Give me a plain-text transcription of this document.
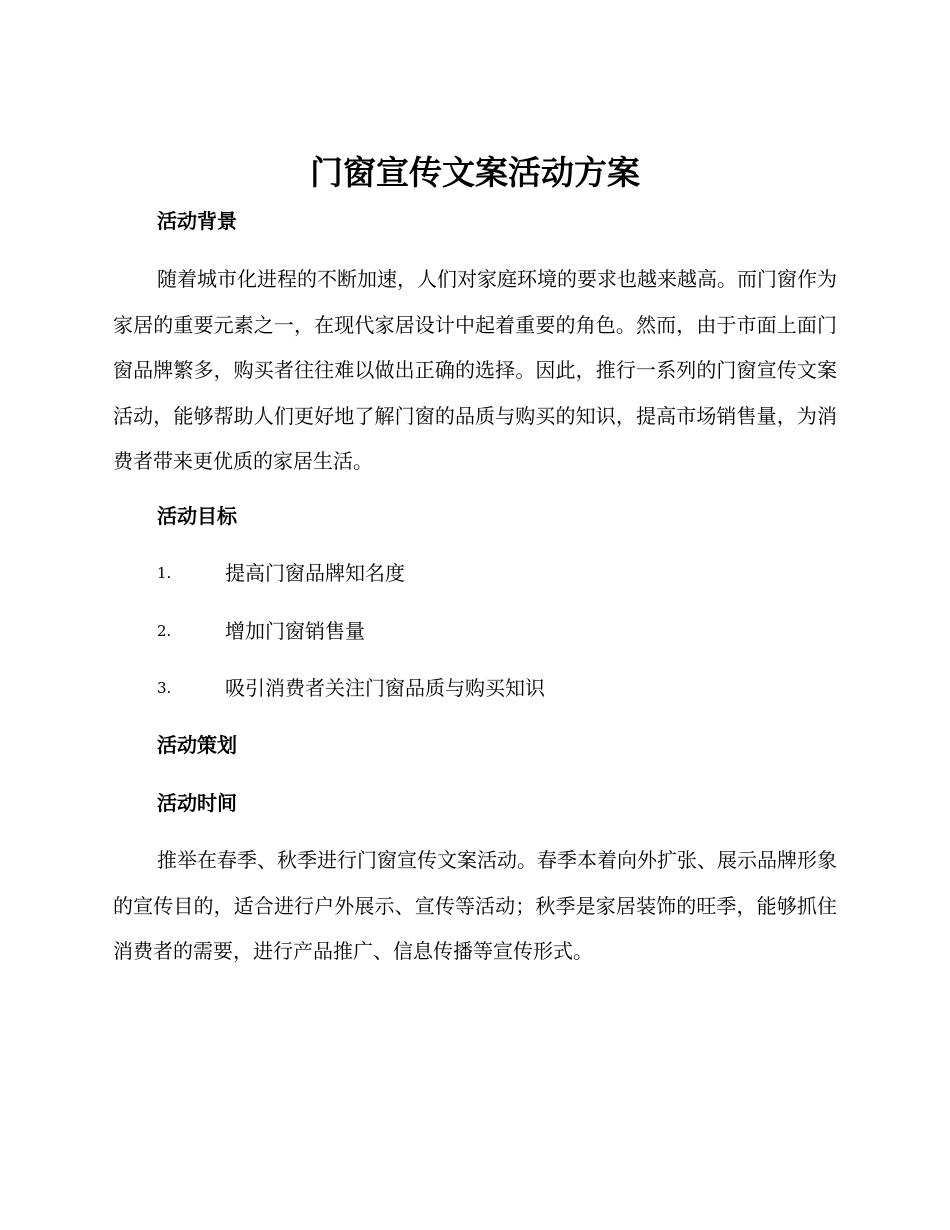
门窗宣传文案活动方案
活动背景
随着城市化进程的不断加速，人们对家庭环境的要求也越来越高。而门窗作为家居的重要元素之一，在现代家居设计中起着重要的角色。然而，由于市面上面门窗品牌繁多，购买者往往难以做出正确的选择。因此，推行一系列的门窗宣传文案活动，能够帮助人们更好地了解门窗的品质与购买的知识，提高市场销售量，为消费者带来更优质的家居生活。
活动目标
1.	提高门窗品牌知名度
2.	增加门窗销售量
3.	吸引消费者关注门窗品质与购买知识
活动策划
活动时间
推举在春季、秋季进行门窗宣传文案活动。春季本着向外扩张、展示品牌形象的宣传目的，适合进行户外展示、宣传等活动；秋季是家居装饰的旺季，能够抓住消费者的需要，进行产品推广、信息传播等宣传形式。
